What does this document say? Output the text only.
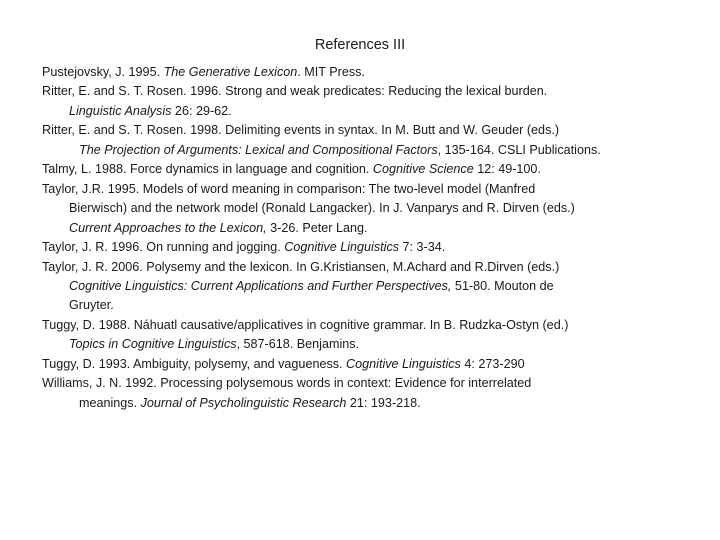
References III
Pustejovsky, J. 1995. The Generative Lexicon. MIT Press.
Ritter, E. and S. T. Rosen. 1996. Strong and weak predicates: Reducing the lexical burden.
Linguistic Analysis 26: 29-62.
Ritter, E. and S. T. Rosen. 1998. Delimiting events in syntax. In M. Butt and W. Geuder (eds.)
The Projection of Arguments: Lexical and Compositional Factors, 135-164. CSLI Publications.
Talmy, L. 1988. Force dynamics in language and cognition. Cognitive Science 12: 49-100.
Taylor, J.R. 1995. Models of word meaning in comparison: The two-level model (Manfred
Bierwisch) and the network model (Ronald Langacker). In J. Vanparys and R. Dirven (eds.)
Current Approaches to the Lexicon, 3-26. Peter Lang.
Taylor, J. R. 1996. On running and jogging. Cognitive Linguistics 7: 3-34.
Taylor, J. R. 2006. Polysemy and the lexicon. In G.Kristiansen, M.Achard and R.Dirven (eds.)
Cognitive Linguistics: Current Applications and Further Perspectives, 51-80. Mouton de
Gruyter.
Tuggy, D. 1988. Náhuatl causative/applicatives in cognitive grammar. In B. Rudzka-Ostyn (ed.)
Topics in Cognitive Linguistics, 587-618. Benjamins.
Tuggy, D. 1993. Ambiguity, polysemy, and vagueness. Cognitive Linguistics 4: 273-290
Williams, J. N. 1992. Processing polysemous words in context: Evidence for interrelated
meanings. Journal of Psycholinguistic Research 21: 193-218.
